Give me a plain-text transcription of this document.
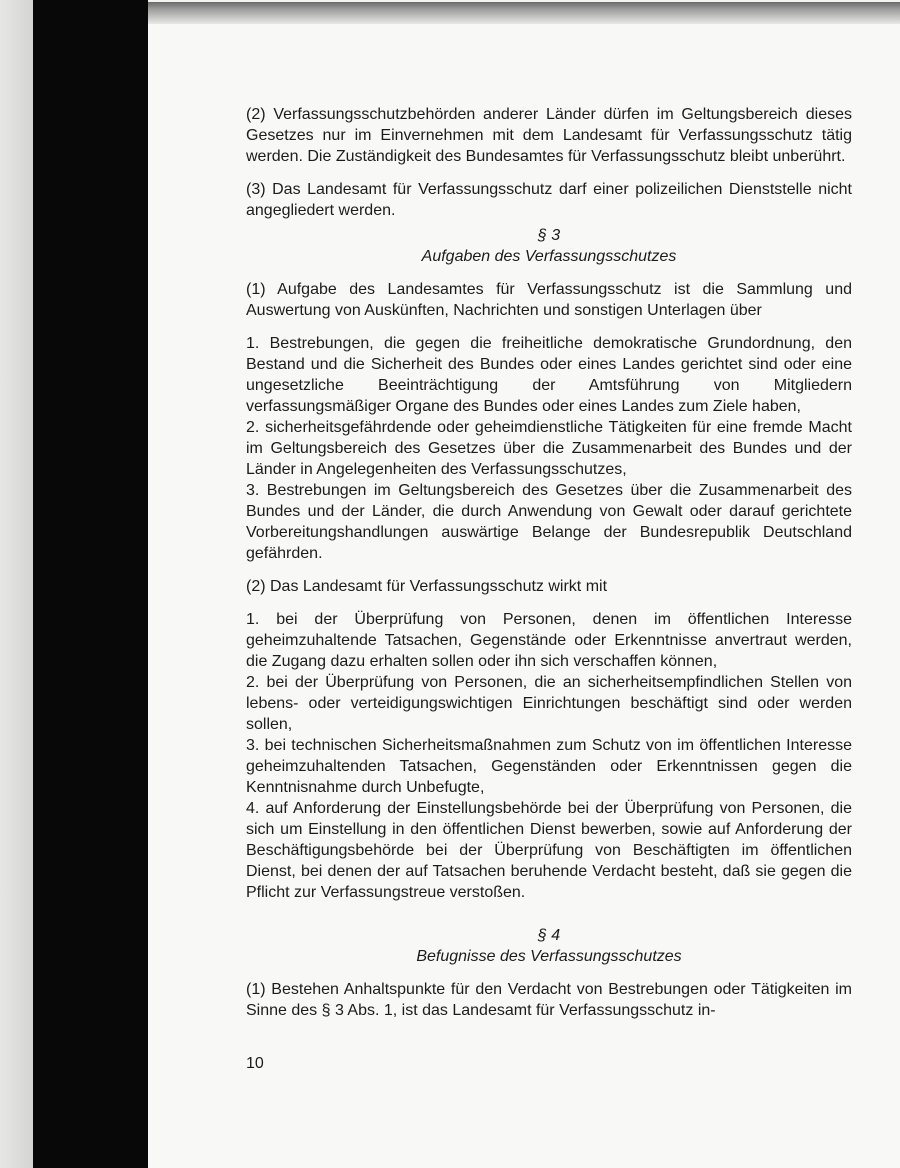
(2) Verfassungsschutzbehörden anderer Länder dürfen im Geltungsbereich dieses Gesetzes nur im Einvernehmen mit dem Landesamt für Verfassungsschutz tätig werden. Die Zuständigkeit des Bundesamtes für Verfassungsschutz bleibt unberührt.

(3) Das Landesamt für Verfassungsschutz darf einer polizeilichen Dienststelle nicht angegliedert werden.

§ 3
Aufgaben des Verfassungsschutzes

(1) Aufgabe des Landesamtes für Verfassungsschutz ist die Sammlung und Auswertung von Auskünften, Nachrichten und sonstigen Unterlagen über

1. Bestrebungen, die gegen die freiheitliche demokratische Grundordnung, den Bestand und die Sicherheit des Bundes oder eines Landes gerichtet sind oder eine ungesetzliche Beeinträchtigung der Amtsführung von Mitgliedern verfassungsmäßiger Organe des Bundes oder eines Landes zum Ziele haben,

2. sicherheitsgefährdende oder geheimdienstliche Tätigkeiten für eine fremde Macht im Geltungsbereich des Gesetzes über die Zusammenarbeit des Bundes und der Länder in Angelegenheiten des Verfassungsschutzes,

3. Bestrebungen im Geltungsbereich des Gesetzes über die Zusammenarbeit des Bundes und der Länder, die durch Anwendung von Gewalt oder darauf gerichtete Vorbereitungshandlungen auswärtige Belange der Bundesrepublik Deutschland gefährden.

(2) Das Landesamt für Verfassungsschutz wirkt mit

1. bei der Überprüfung von Personen, denen im öffentlichen Interesse geheimzuhaltende Tatsachen, Gegenstände oder Erkenntnisse anvertraut werden, die Zugang dazu erhalten sollen oder ihn sich verschaffen können,

2. bei der Überprüfung von Personen, die an sicherheitsempfindlichen Stellen von lebens- oder verteidigungswichtigen Einrichtungen beschäftigt sind oder werden sollen,

3. bei technischen Sicherheitsmaßnahmen zum Schutz von im öffentlichen Interesse geheimzuhaltenden Tatsachen, Gegenständen oder Erkenntnissen gegen die Kenntnisnahme durch Unbefugte,

4. auf Anforderung der Einstellungsbehörde bei der Überprüfung von Personen, die sich um Einstellung in den öffentlichen Dienst bewerben, sowie auf Anforderung der Beschäftigungsbehörde bei der Überprüfung von Beschäftigten im öffentlichen Dienst, bei denen der auf Tatsachen beruhende Verdacht besteht, daß sie gegen die Pflicht zur Verfassungstreue verstoßen.

§ 4
Befugnisse des Verfassungsschutzes

(1) Bestehen Anhaltspunkte für den Verdacht von Bestrebungen oder Tätigkeiten im Sinne des § 3 Abs. 1, ist das Landesamt für Verfassungsschutz in-

10
